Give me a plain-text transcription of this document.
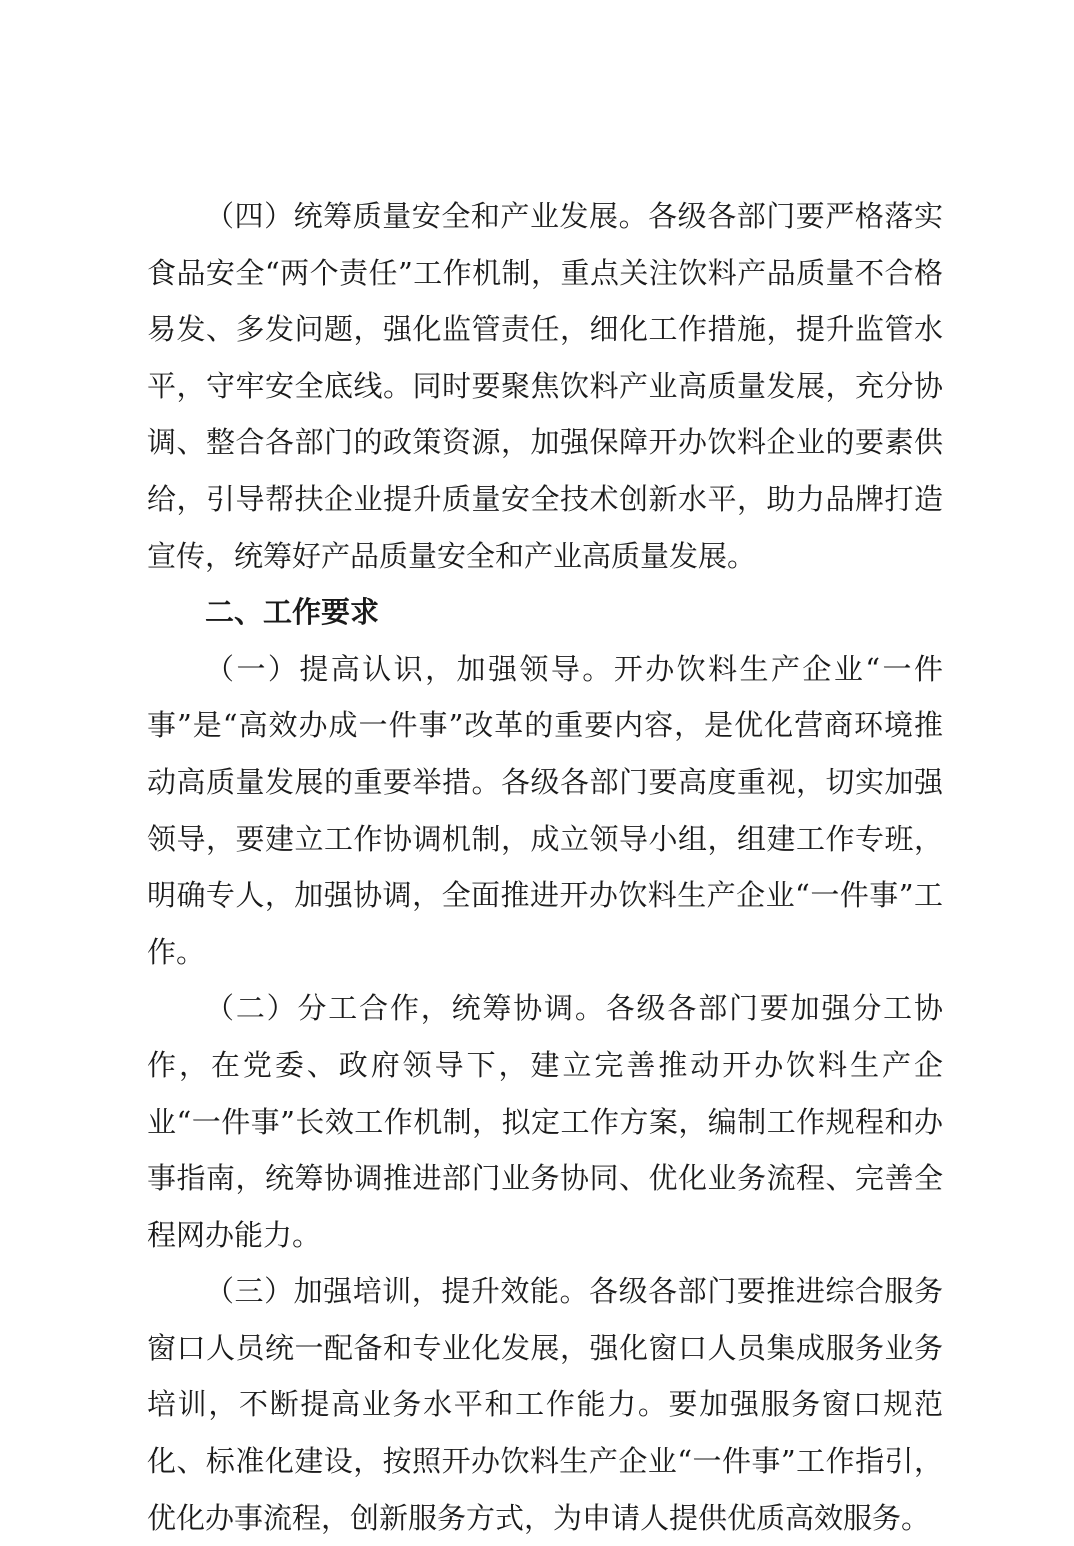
（四）统筹质量安全和产业发展。各级各部门要严格落实食品安全“两个责任”工作机制，重点关注饮料产品质量不合格易发、多发问题，强化监管责任，细化工作措施，提升监管水平，守牢安全底线。同时要聚焦饮料产业高质量发展，充分协调、整合各部门的政策资源，加强保障开办饮料企业的要素供给，引导帮扶企业提升质量安全技术创新水平，助力品牌打造宣传，统筹好产品质量安全和产业高质量发展。

二、工作要求

（一）提高认识，加强领导。开办饮料生产企业“一件事”是“高效办成一件事”改革的重要内容，是优化营商环境推动高质量发展的重要举措。各级各部门要高度重视，切实加强领导，要建立工作协调机制，成立领导小组，组建工作专班，明确专人，加强协调，全面推进开办饮料生产企业“一件事”工作。

（二）分工合作，统筹协调。各级各部门要加强分工协作，在党委、政府领导下，建立完善推动开办饮料生产企业“一件事”长效工作机制，拟定工作方案，编制工作规程和办事指南，统筹协调推进部门业务协同、优化业务流程、完善全程网办能力。

（三）加强培训，提升效能。各级各部门要推进综合服务窗口人员统一配备和专业化发展，强化窗口人员集成服务业务培训，不断提高业务水平和工作能力。要加强服务窗口规范化、标准化建设，按照开办饮料生产企业“一件事”工作指引，优化办事流程，创新服务方式，为申请人提供优质高效服务。
